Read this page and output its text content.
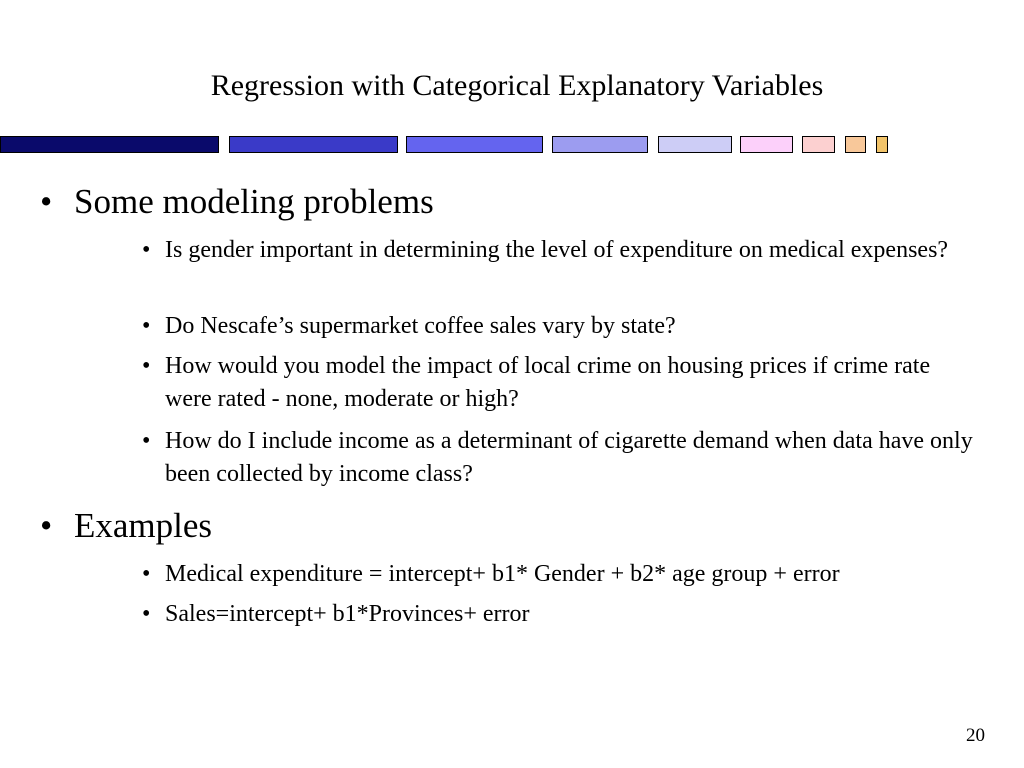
Regression with Categorical Explanatory Variables
• Some modeling problems
• Is gender important in determining the level of expenditure on medical expenses?
• Do Nescafe’s supermarket coffee sales vary by state?
• How would you model the impact of local crime on housing prices if crime rate were rated - none, moderate or high?
• How do I include income as a determinant of cigarette demand when data have only been collected by income class?
• Examples
• Medical expenditure = intercept+ b1* Gender + b2* age group + error
• Sales=intercept+ b1*Provinces+ error
20
